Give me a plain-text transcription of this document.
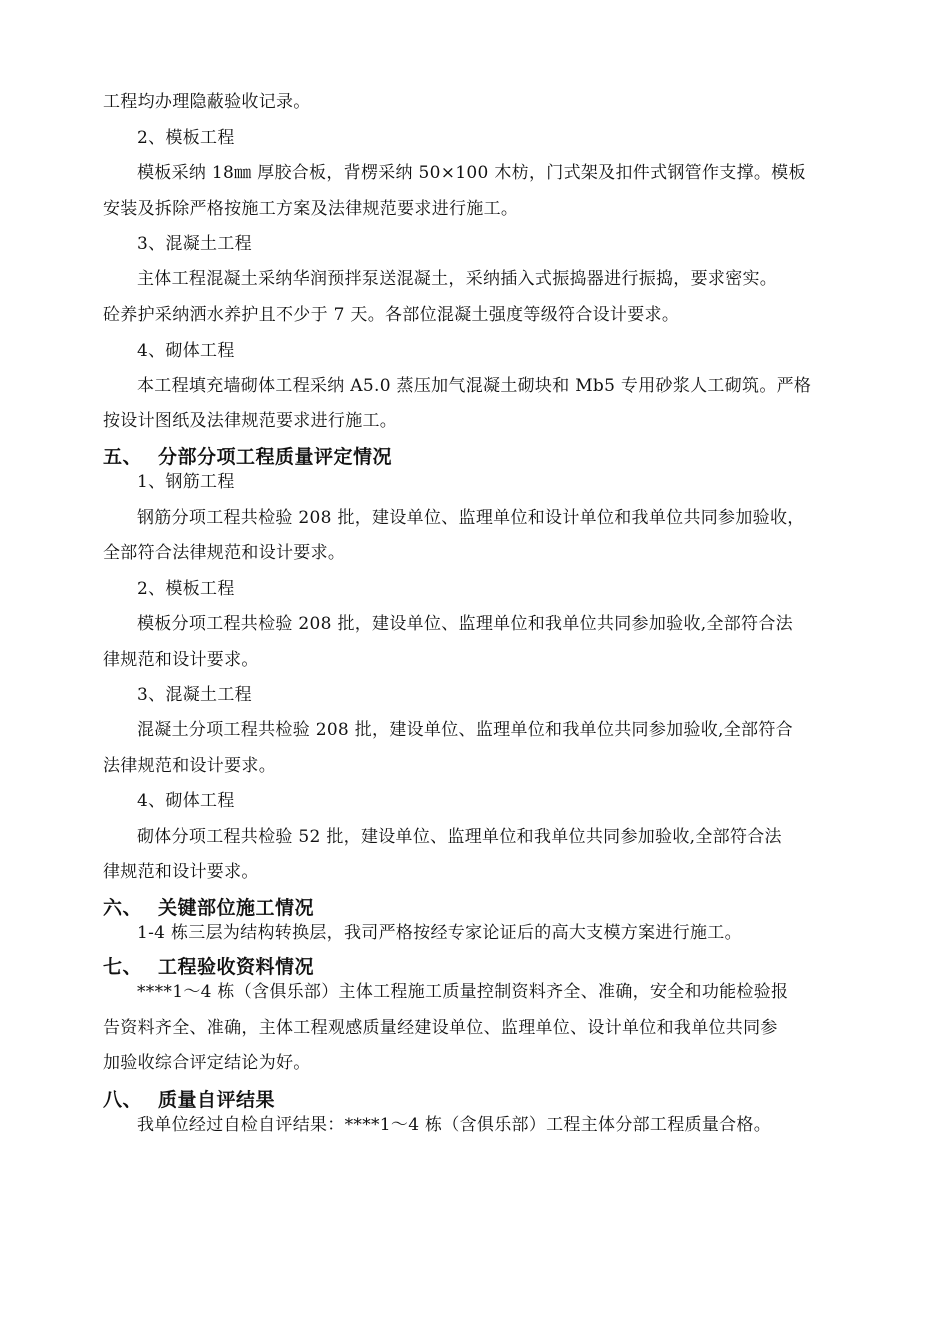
工程均办理隐蔽验收记录。
2、模板工程
模板采纳 18㎜ 厚胶合板，背楞采纳 50×100 木枋，门式架及扣件式钢管作支撑。模板
安装及拆除严格按施工方案及法律规范要求进行施工。
3、混凝土工程
主体工程混凝土采纳华润预拌泵送混凝土，采纳插入式振捣器进行振捣，要求密实。
砼养护采纳洒水养护且不少于 7 天。各部位混凝土强度等级符合设计要求。
4、砌体工程
本工程填充墙砌体工程采纳 A5.0 蒸压加气混凝土砌块和 Mb5 专用砂浆人工砌筑。严格
按设计图纸及法律规范要求进行施工。
五、 分部分项工程质量评定情况
1、钢筋工程
钢筋分项工程共检验 208 批，建设单位、监理单位和设计单位和我单位共同参加验收，
全部符合法律规范和设计要求。
2、模板工程
模板分项工程共检验 208 批，建设单位、监理单位和我单位共同参加验收,全部符合法
律规范和设计要求。
3、混凝土工程
混凝土分项工程共检验 208 批，建设单位、监理单位和我单位共同参加验收,全部符合
法律规范和设计要求。
4、砌体工程
砌体分项工程共检验 52 批，建设单位、监理单位和我单位共同参加验收,全部符合法
律规范和设计要求。
六、 关键部位施工情况
1-4 栋三层为结构转换层，我司严格按经专家论证后的高大支模方案进行施工。
七、 工程验收资料情况
****1～4 栋（含俱乐部）主体工程施工质量控制资料齐全、准确，安全和功能检验报
告资料齐全、准确，主体工程观感质量经建设单位、监理单位、设计单位和我单位共同参
加验收综合评定结论为好。
八、 质量自评结果
我单位经过自检自评结果：****1～4 栋（含俱乐部）工程主体分部工程质量合格。
